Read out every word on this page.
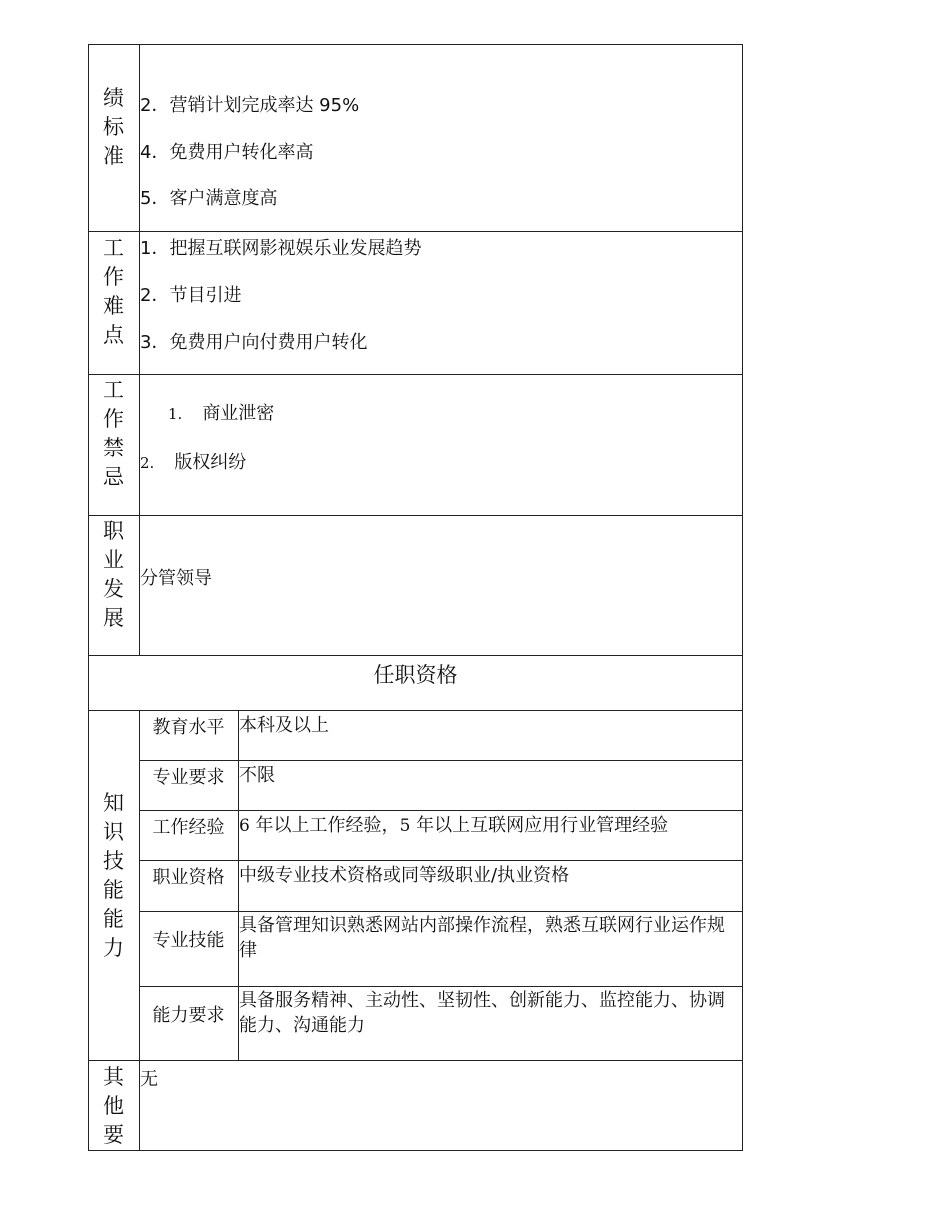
绩
标
准
2．营销计划完成率达 95%
4．免费用户转化率高
5．客户满意度高
工
作
难
点
1．把握互联网影视娱乐业发展趋势
2．节目引进
3．免费用户向付费用户转化
工
作
禁
忌
1. 商业泄密
2. 版权纠纷
职
业
发
展
分管领导
任职资格
知
识
技
能
能
力
教育水平 本科及以上
专业要求 不限
工作经验 6 年以上工作经验，5 年以上互联网应用行业管理经验
职业资格 中级专业技术资格或同等级职业/执业资格
专业技能
具备管理知识熟悉网站内部操作流程，熟悉互联网行业运作规律
能力要求
具备服务精神、主动性、坚韧性、创新能力、监控能力、协调能力、沟通能力
其
他
要
无
